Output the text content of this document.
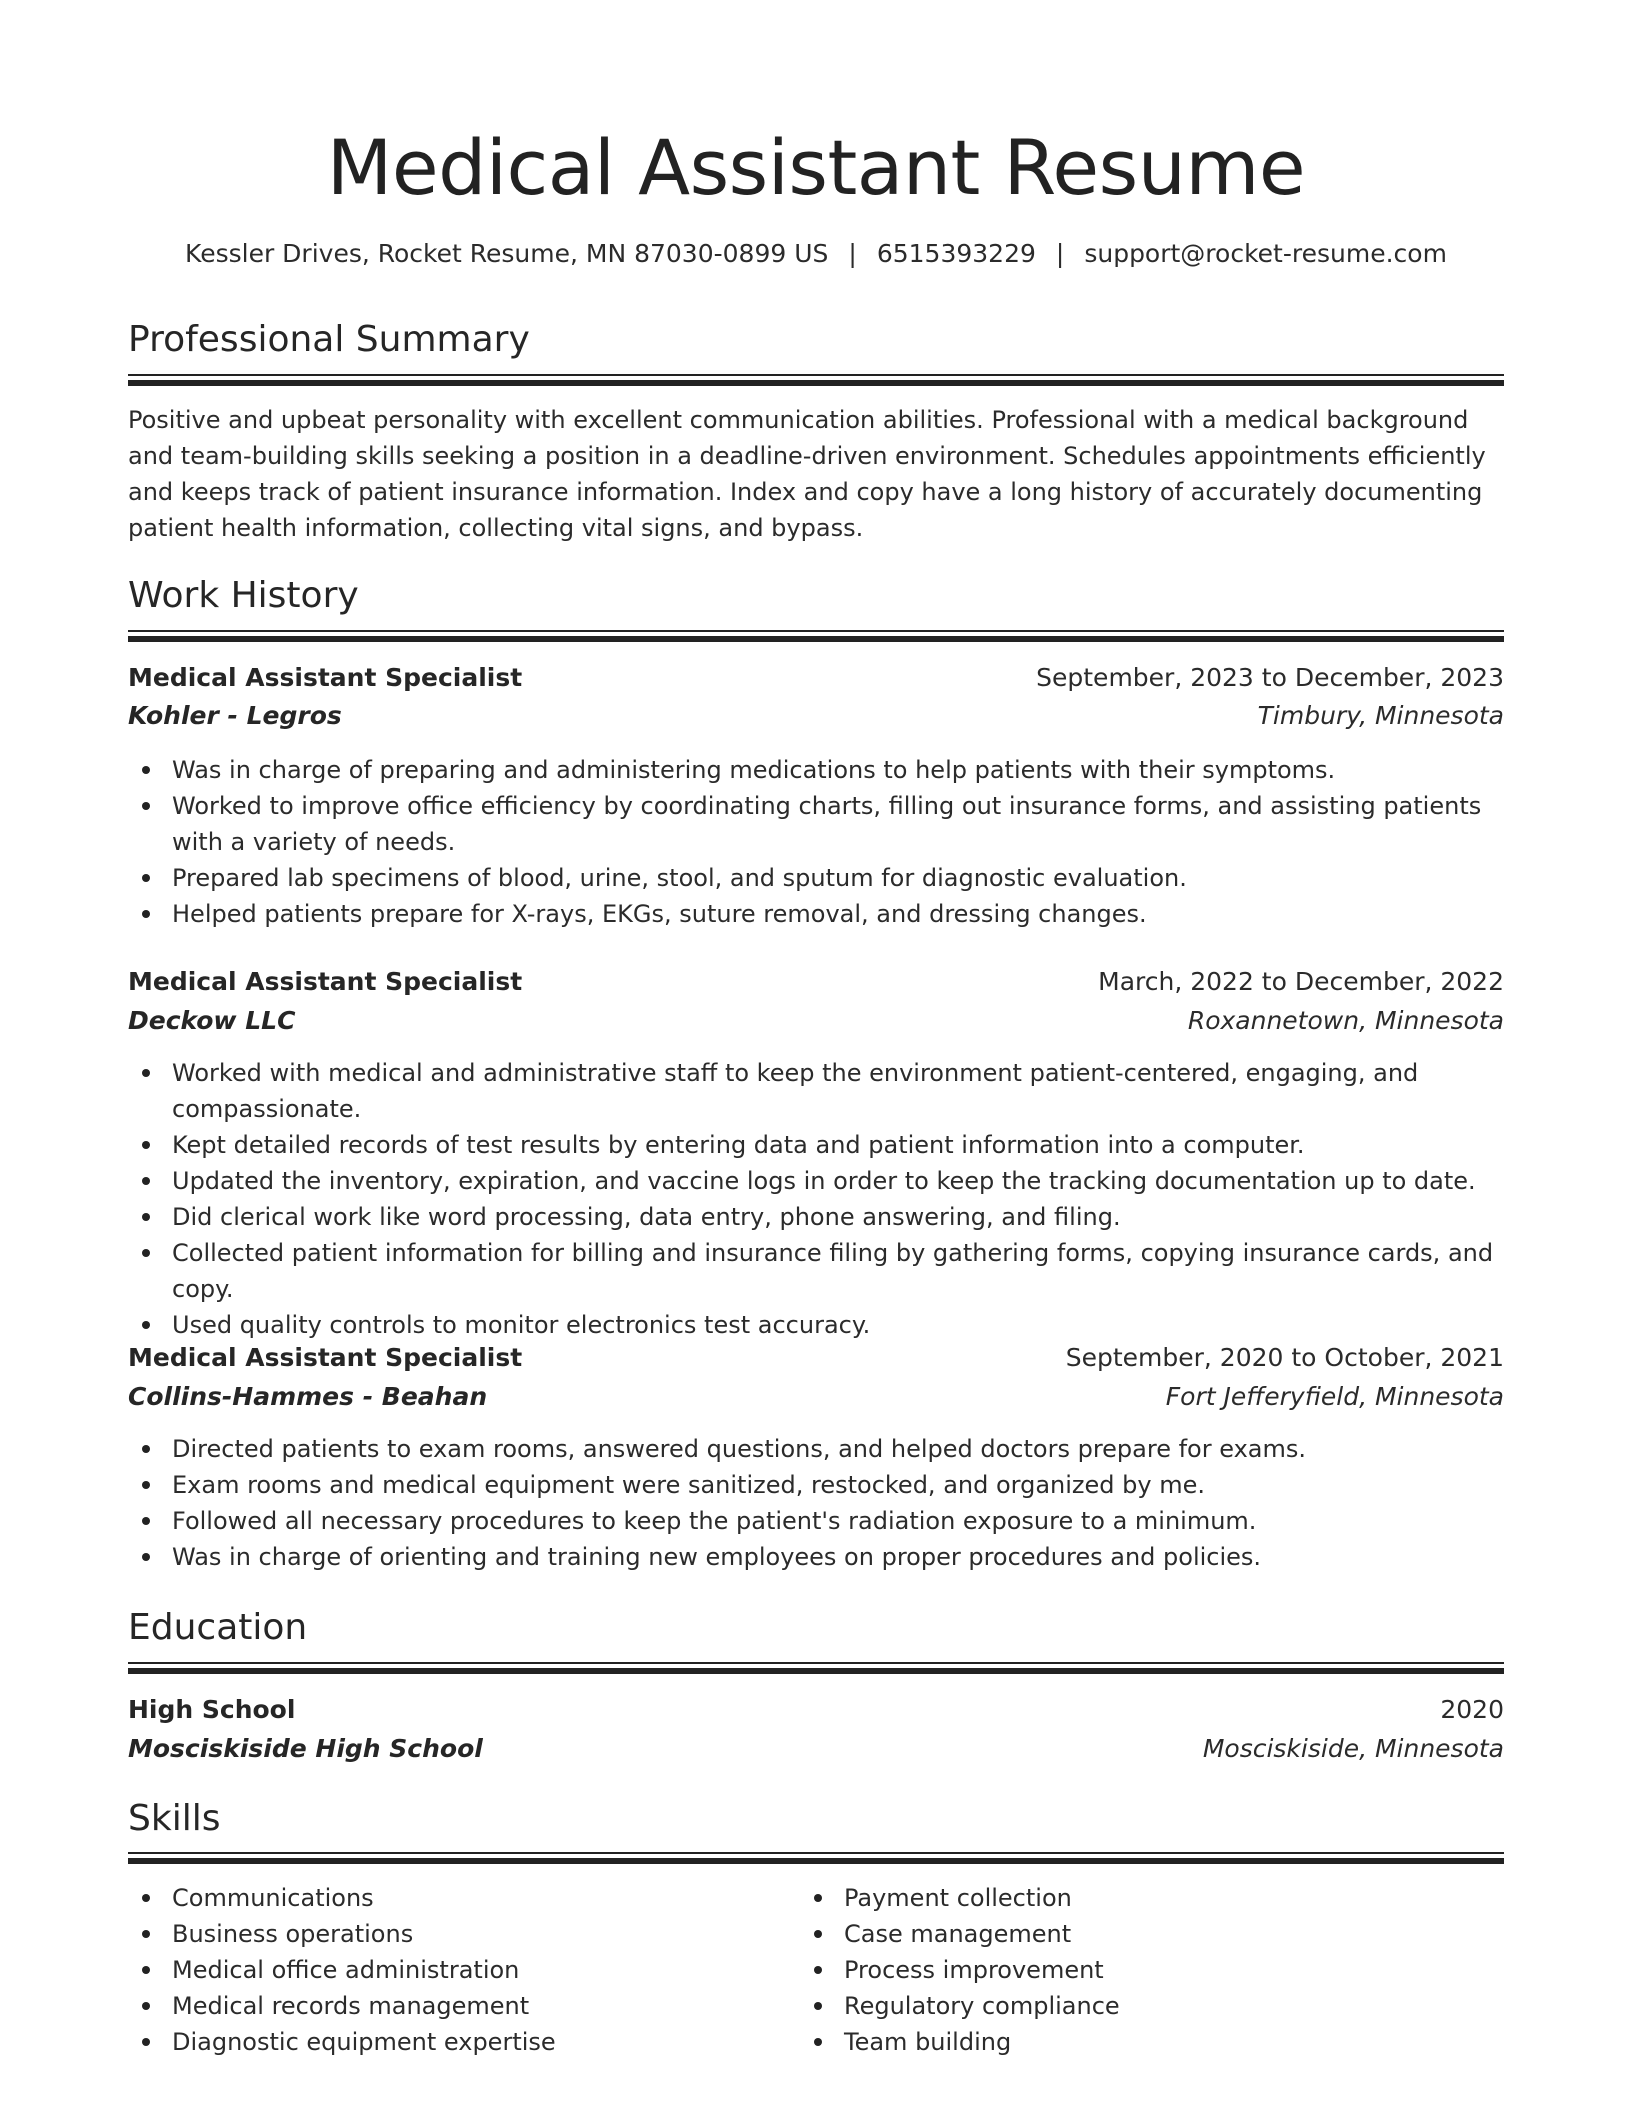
Medical Assistant Resume
Kessler Drives, Rocket Resume, MN 87030-0899 US | 6515393229 | support@rocket-resume.com
Professional Summary

Positive and upbeat personality with excellent communication abilities. Professional with a medical background and team-building skills seeking a position in a deadline-driven environment. Schedules appointments efficiently and keeps track of patient insurance information. Index and copy have a long history of accurately documenting patient health information, collecting vital signs, and bypass.

Work History
Medical Assistant Specialist	September, 2023 to December, 2023
Kohler - Legros	Timbury, Minnesota
Was in charge of preparing and administering medications to help patients with their symptoms.
Worked to improve office efficiency by coordinating charts, filling out insurance forms, and assisting patients with a variety of needs.
Prepared lab specimens of blood, urine, stool, and sputum for diagnostic evaluation.
Helped patients prepare for X-rays, EKGs, suture removal, and dressing changes.
Medical Assistant Specialist	March, 2022 to December, 2022
Deckow LLC	Roxannetown, Minnesota
Worked with medical and administrative staff to keep the environment patient-centered, engaging, and compassionate.
Kept detailed records of test results by entering data and patient information into a computer.
Updated the inventory, expiration, and vaccine logs in order to keep the tracking documentation up to date.
Did clerical work like word processing, data entry, phone answering, and filing.
Collected patient information for billing and insurance filing by gathering forms, copying insurance cards, and copy.
Used quality controls to monitor electronics test accuracy.
Medical Assistant Specialist	September, 2020 to October, 2021
Collins-Hammes - Beahan	Fort Jefferyfield, Minnesota
Directed patients to exam rooms, answered questions, and helped doctors prepare for exams.
Exam rooms and medical equipment were sanitized, restocked, and organized by me.
Followed all necessary procedures to keep the patient's radiation exposure to a minimum.
Was in charge of orienting and training new employees on proper procedures and policies.
Education
High School	2020
Mosciskiside High School	Mosciskiside, Minnesota
Skills
Communications
Business operations
Medical office administration
Medical records management
Diagnostic equipment expertise
Payment collection
Case management
Process improvement
Regulatory compliance
Team building
